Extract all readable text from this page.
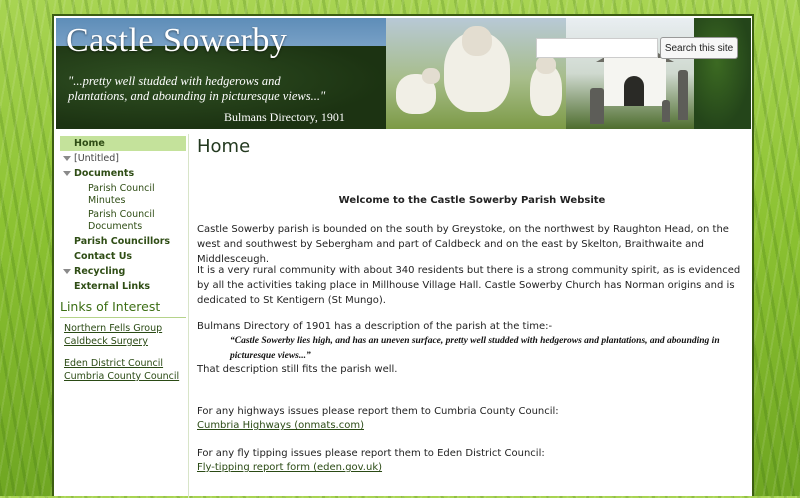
Castle Sowerby
"...pretty well studded with hedgerows and plantations, and abounding in picturesque views..."
Bulmans Directory, 1901
Search this site
Home
[Untitled]
Documents
Parish Council Minutes
Parish Council Documents
Parish Councillors
Contact Us
Recycling
External Links
Links of Interest
Northern Fells Group
Caldbeck Surgery
Eden District Council
Cumbria County Council
Home
Welcome to the Castle Sowerby Parish Website
Castle Sowerby parish is bounded on the south by Greystoke, on the northwest by Raughton Head, on the west and southwest by Sebergham and part of Caldbeck and on the east by Skelton, Braithwaite and Middlesceugh.
It is a very rural community with about 340 residents but there is a strong community spirit, as is evidenced by all the activities taking place in Millhouse Village Hall. Castle Sowerby Church has Norman origins and is dedicated to St Kentigern (St Mungo).
Bulmans Directory of 1901 has a description of the parish at the time:-
“Castle Sowerby lies high, and has an uneven surface, pretty well studded with hedgerows and plantations, and abounding in picturesque views...”
That description still fits the parish well.
For any highways issues please report them to Cumbria County Council:
Cumbria Highways (onmats.com)
For any fly tipping issues please report them to Eden District Council:
Fly-tipping report form (eden.gov.uk)
